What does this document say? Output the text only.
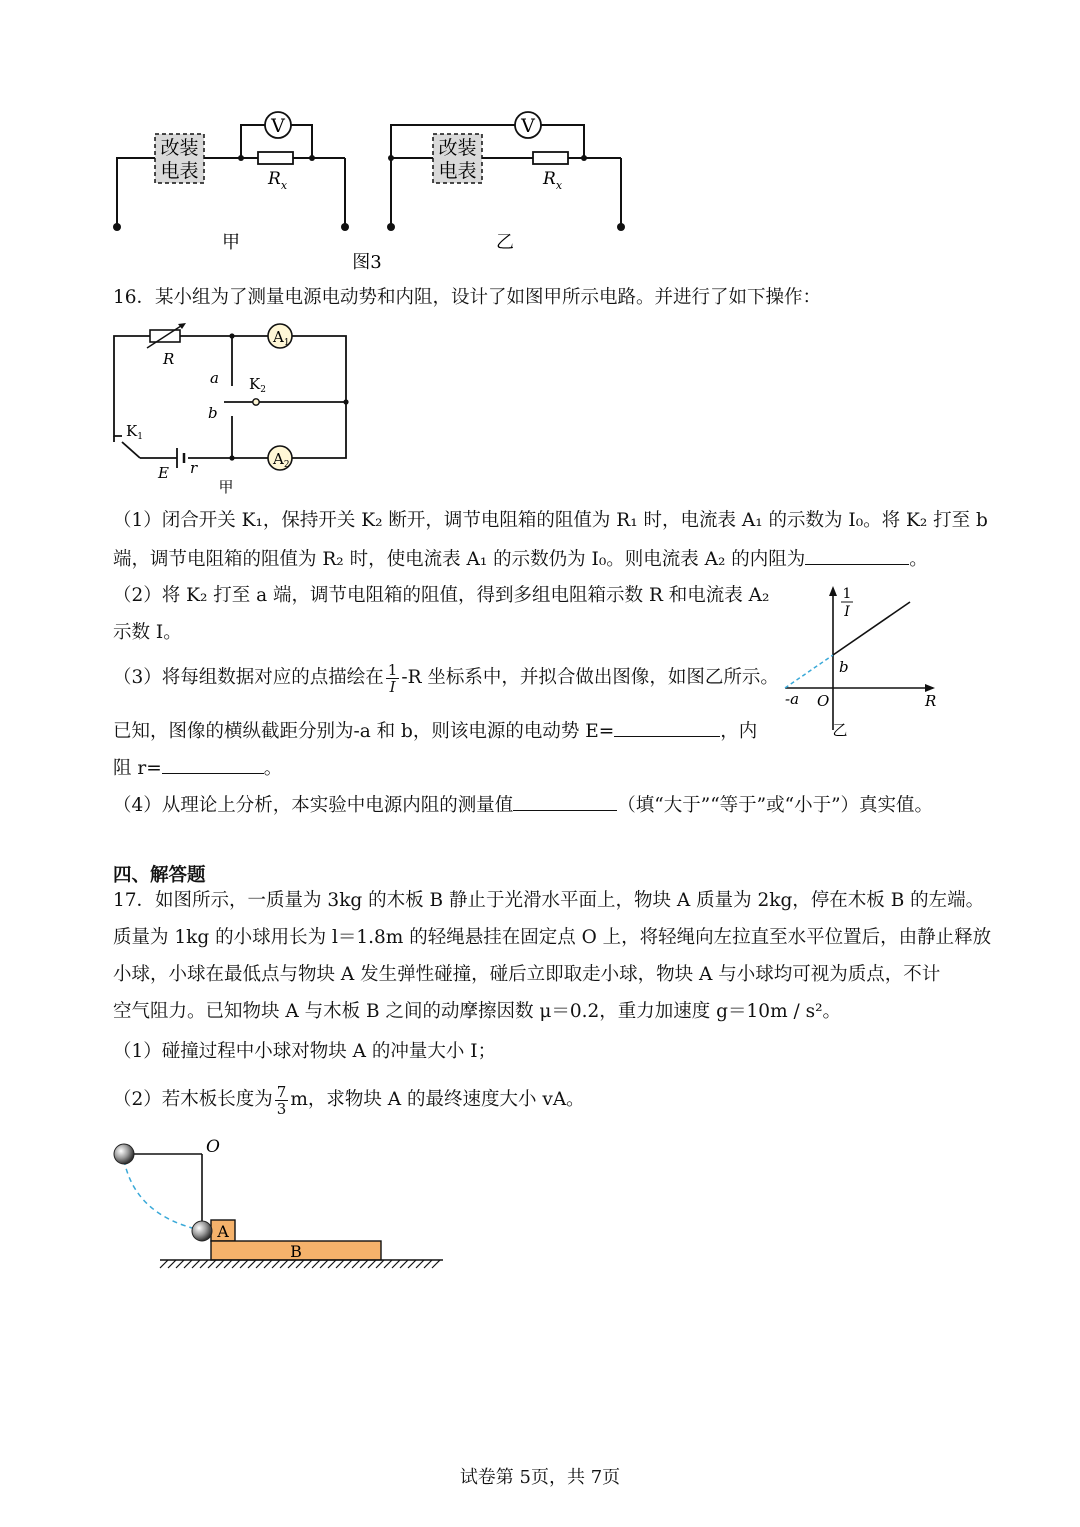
改装
电表
V
$R_x$
甲
改装
电表
V
$R_x$
乙
图3
16．某小组为了测量电源电动势和内阻，设计了如图甲所示电路。并进行了如下操作：
R
$A_1$
$A_2$
a
b
$K_2$
$K_1$
E r
甲
（1）闭合开关 K₁，保持开关 K₂ 断开，调节电阻箱的阻值为 R₁ 时，电流表 A₁ 的示数为 I₀。将 K₂ 打至 b
端，调节电阻箱的阻值为 R₂ 时，使电流表 A₁ 的示数仍为 I₀。则电流表 A₂ 的内阻为	。
（2）将 K₂ 打至 a 端，调节电阻箱的阻值，得到多组电阻箱示数 R 和电流表 A₂
示数 I。
（3）将每组数据对应的点描绘在 $\frac{1}{I} -R$ 坐标系中，并拟合做出图像，如图乙所示。
已知，图像的横纵截距分别为-a 和 b，则该电源的电动势 E=	，内
阻 r=	。
（4）从理论上分析，本实验中电源内阻的测量值	（填“大于”“等于”或“小于”）真实值。
1
I
b
-a O	R
乙
四、解答题
17．如图所示，一质量为 3kg 的木板 B 静止于光滑水平面上，物块 A 质量为 2kg，停在木板 B 的左端。
质量为 1kg 的小球用长为 l＝1.8m 的轻绳悬挂在固定点 O 上，将轻绳向左拉直至水平位置后，由静止释放
小球，小球在最低点与物块 A 发生弹性碰撞，碰后立即取走小球，物块 A 与小球均可视为质点，不计
空气阻力。已知物块 A 与木板 B 之间的动摩擦因数 μ＝0.2，重力加速度 g＝10m / s²。
（1）碰撞过程中小球对物块 A 的冲量大小 I；
（2）若木板长度为 $\frac{7}{3}$ m，求物块 A 的最终速度大小 vA。
O
A
B
试卷第 5页，共 7页
